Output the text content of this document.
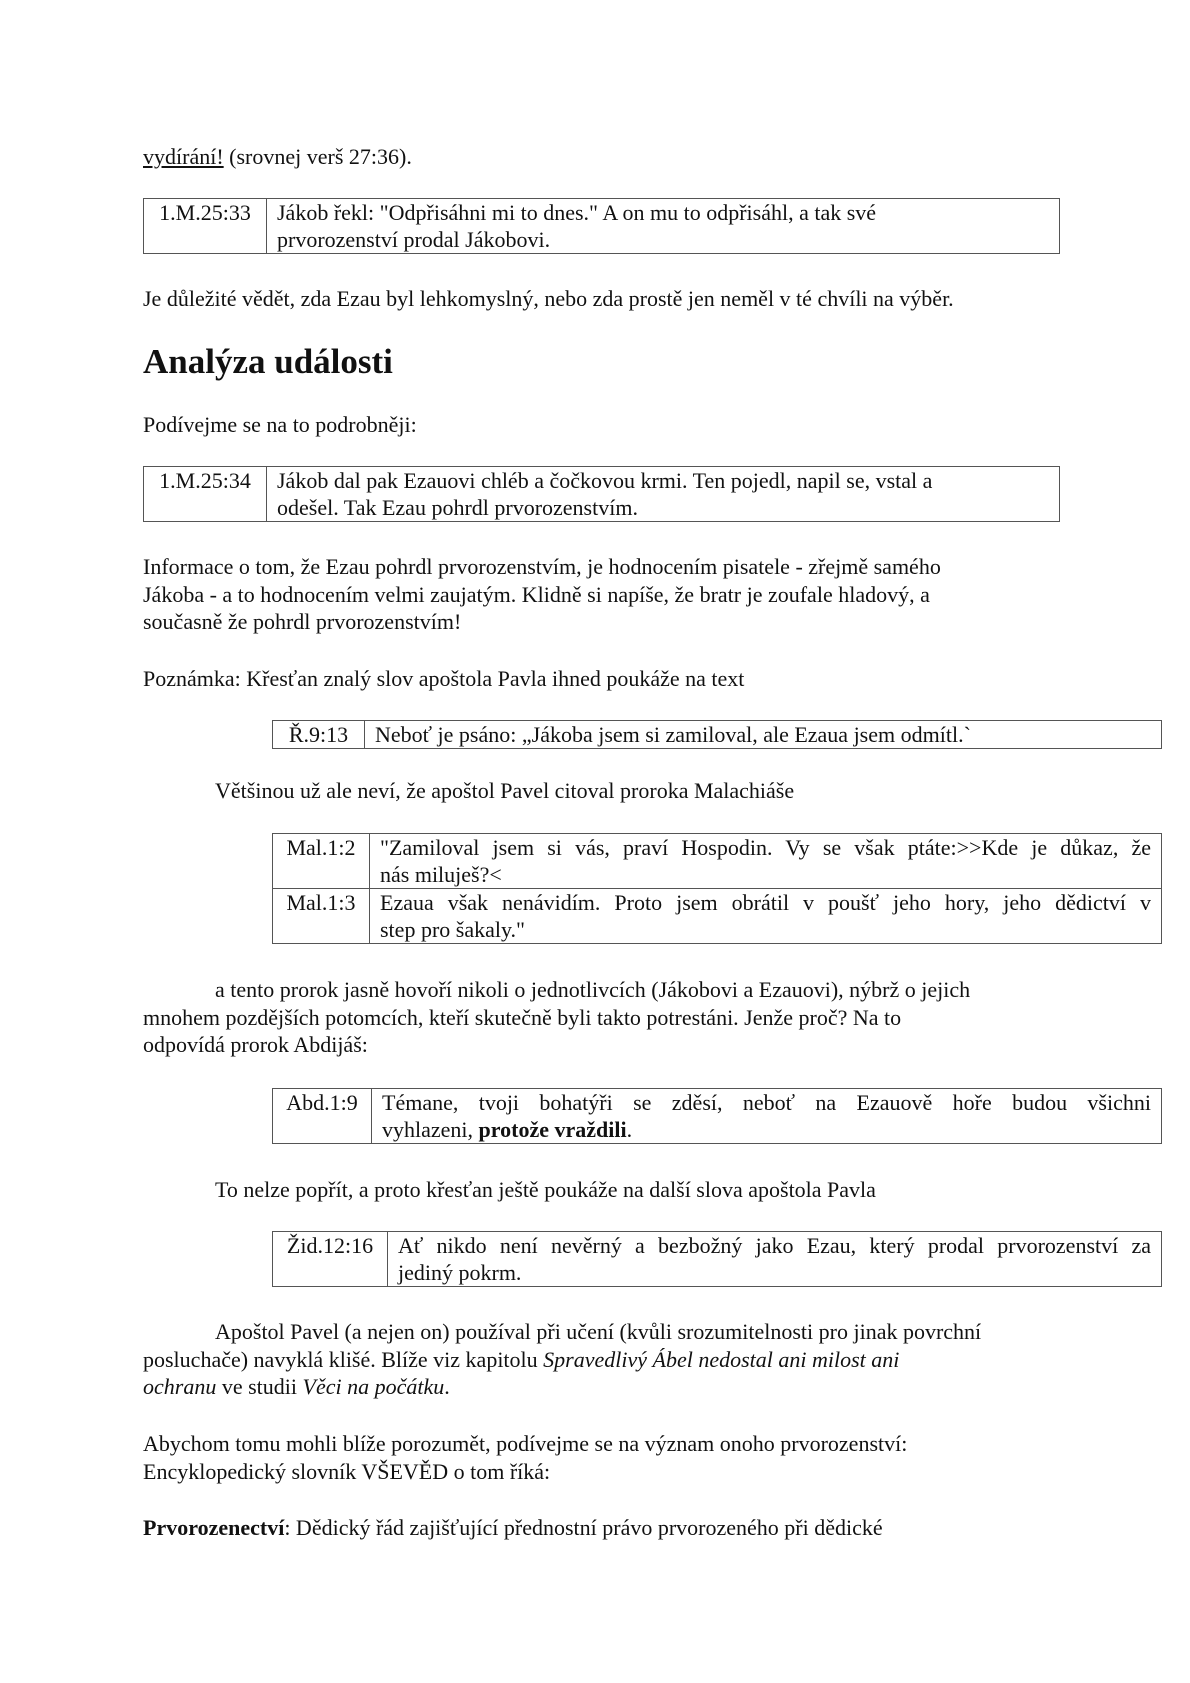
vydírání! (srovnej verš 27:36).
1.M.25:33	Jákob řekl: "Odpřisáhni mi to dnes." A on mu to odpřisáhl, a tak své
prvorozenství prodal Jákobovi.
Je důležité vědět, zda Ezau byl lehkomyslný, nebo zda prostě jen neměl v té chvíli na výběr.
Analýza události
Podívejme se na to podrobněji:
1.M.25:34	Jákob dal pak Ezauovi chléb a čočkovou krmi. Ten pojedl, napil se, vstal a
odešel. Tak Ezau pohrdl prvorozenstvím.
Informace o tom, že Ezau pohrdl prvorozenstvím, je hodnocením pisatele - zřejmě samého
Jákoba - a to hodnocením velmi zaujatým. Klidně si napíše, že bratr je zoufale hladový, a
současně že pohrdl prvorozenstvím!
Poznámka: Křesťan znalý slov apoštola Pavla ihned poukáže na text
Ř.9:13	Neboť je psáno: „Jákoba jsem si zamiloval, ale Ezaua jsem odmítl.`
Většinou už ale neví, že apoštol Pavel citoval proroka Malachiáše
Mal.1:2	"Zamiloval jsem si vás, praví Hospodin. Vy se však ptáte:>>Kde je důkaz, že
nás miluješ?<

Mal.1:3	Ezaua však nenávidím. Proto jsem obrátil v poušť jeho hory, jeho dědictví v
step pro šakaly."
a tento prorok jasně hovoří nikoli o jednotlivcích (Jákobovi a Ezauovi), nýbrž o jejich
mnohem pozdějších potomcích, kteří skutečně byli takto potrestáni. Jenže proč? Na to
odpovídá prorok Abdijáš:
Abd.1:9	Témane, tvoji bohatýři se zděsí, neboť na Ezauově hoře budou všichni
vyhlazeni, protože vraždili.
To nelze popřít, a proto křesťan ještě poukáže na další slova apoštola Pavla
Žid.12:16	Ať nikdo není nevěrný a bezbožný jako Ezau, který prodal prvorozenství za
jediný pokrm.
Apoštol Pavel (a nejen on) používal při učení (kvůli srozumitelnosti pro jinak povrchní
posluchače) navyklá klišé. Blíže viz kapitolu Spravedlivý Ábel nedostal ani milost ani
ochranu ve studii Věci na počátku.
Abychom tomu mohli blíže porozumět, podívejme se na význam onoho prvorozenství:
Encyklopedický slovník VŠEVĚD o tom říká:
Prvorozenectví: Dědický řád zajišťující přednostní právo prvorozeného při dědické
